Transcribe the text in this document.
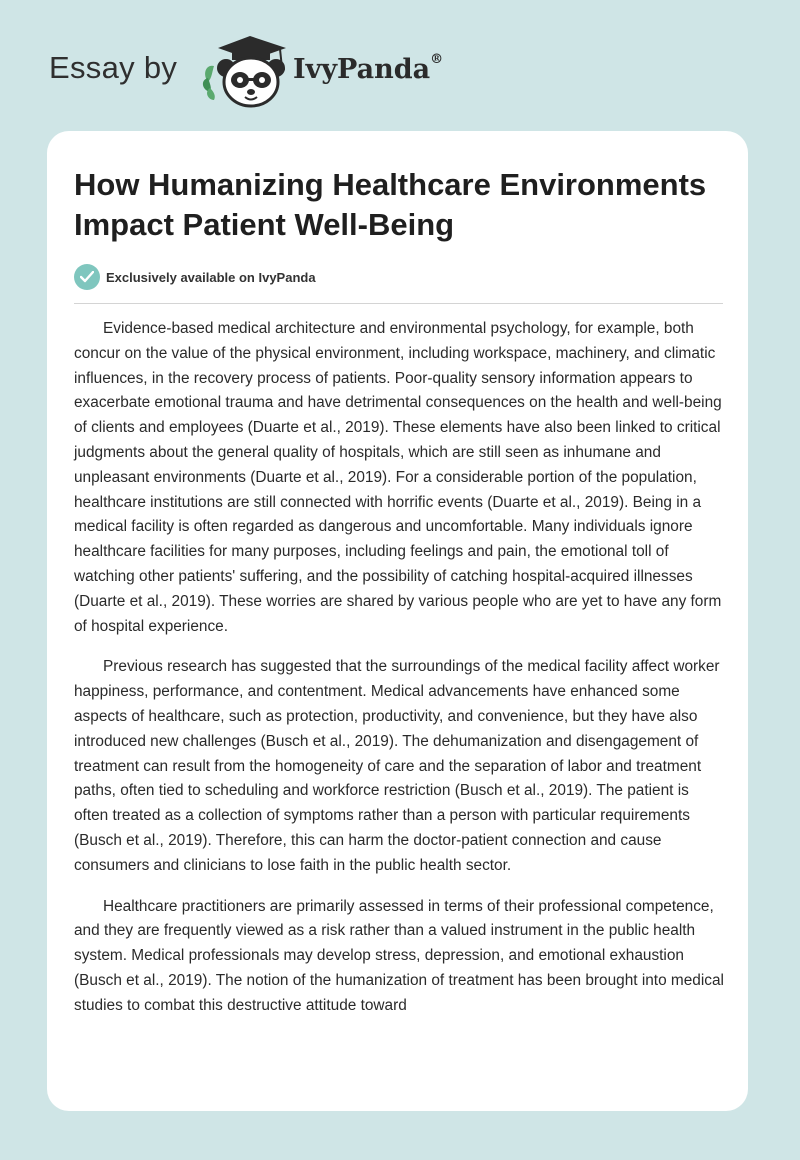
Essay by	IvyPanda®
How Humanizing Healthcare Environments Impact Patient Well-Being
Exclusively available on IvyPanda

Evidence-based medical architecture and environmental psychology, for example, both concur on the value of the physical environment, including workspace, machinery, and climatic influences, in the recovery process of patients. Poor-quality sensory information appears to exacerbate emotional trauma and have detrimental consequences on the health and well-being of clients and employees (Duarte et al., 2019). These elements have also been linked to critical judgments about the general quality of hospitals, which are still seen as inhumane and unpleasant environments (Duarte et al., 2019). For a considerable portion of the population, healthcare institutions are still connected with horrific events (Duarte et al., 2019). Being in a medical facility is often regarded as dangerous and uncomfortable. Many individuals ignore healthcare facilities for many purposes, including feelings and pain, the emotional toll of watching other patients' suffering, and the possibility of catching hospital-acquired illnesses (Duarte et al., 2019). These worries are shared by various people who are yet to have any form of hospital experience.

Previous research has suggested that the surroundings of the medical facility affect worker happiness, performance, and contentment. Medical advancements have enhanced some aspects of healthcare, such as protection, productivity, and convenience, but they have also introduced new challenges (Busch et al., 2019). The dehumanization and disengagement of treatment can result from the homogeneity of care and the separation of labor and treatment paths, often tied to scheduling and workforce restriction (Busch et al., 2019). The patient is often treated as a collection of symptoms rather than a person with particular requirements (Busch et al., 2019). Therefore, this can harm the doctor-patient connection and cause consumers and clinicians to lose faith in the public health sector.

Healthcare practitioners are primarily assessed in terms of their professional competence, and they are frequently viewed as a risk rather than a valued instrument in the public health system. Medical professionals may develop stress, depression, and emotional exhaustion (Busch et al., 2019). The notion of the humanization of treatment has been brought into medical studies to combat this destructive attitude toward
